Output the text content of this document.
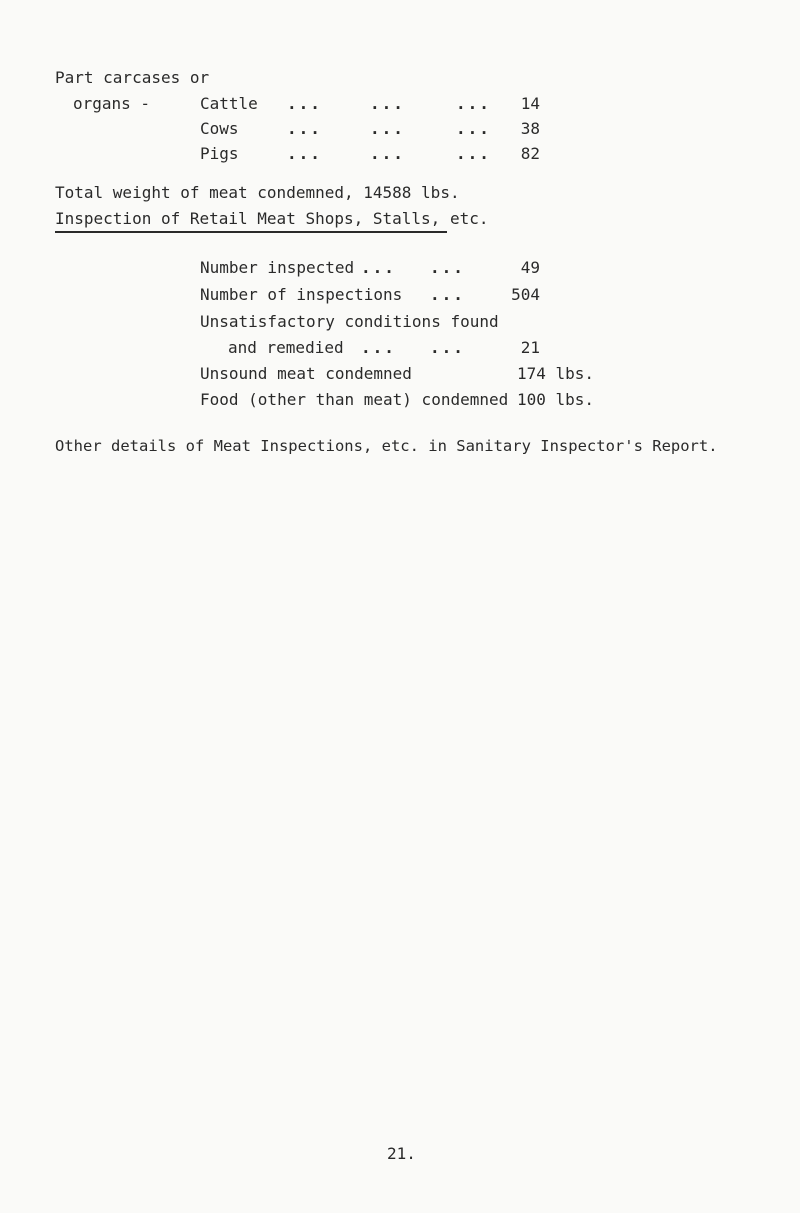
Part carcases or
organs -	Cattle ...	...	...	14
Cows	...	...	...	38
Pigs	...	...	...	82
Total weight of meat condemned, 14588 lbs.
Inspection of Retail Meat Shops, Stalls, etc.
Number inspected ... ...	49
Number of inspections ...	504
Unsatisfactory conditions found
and remedied ... ...	21
Unsound meat condemned	174 lbs.
Food (other than meat) condemned 100 lbs.
Other details of Meat Inspections, etc. in Sanitary Inspector's Report.
21.
